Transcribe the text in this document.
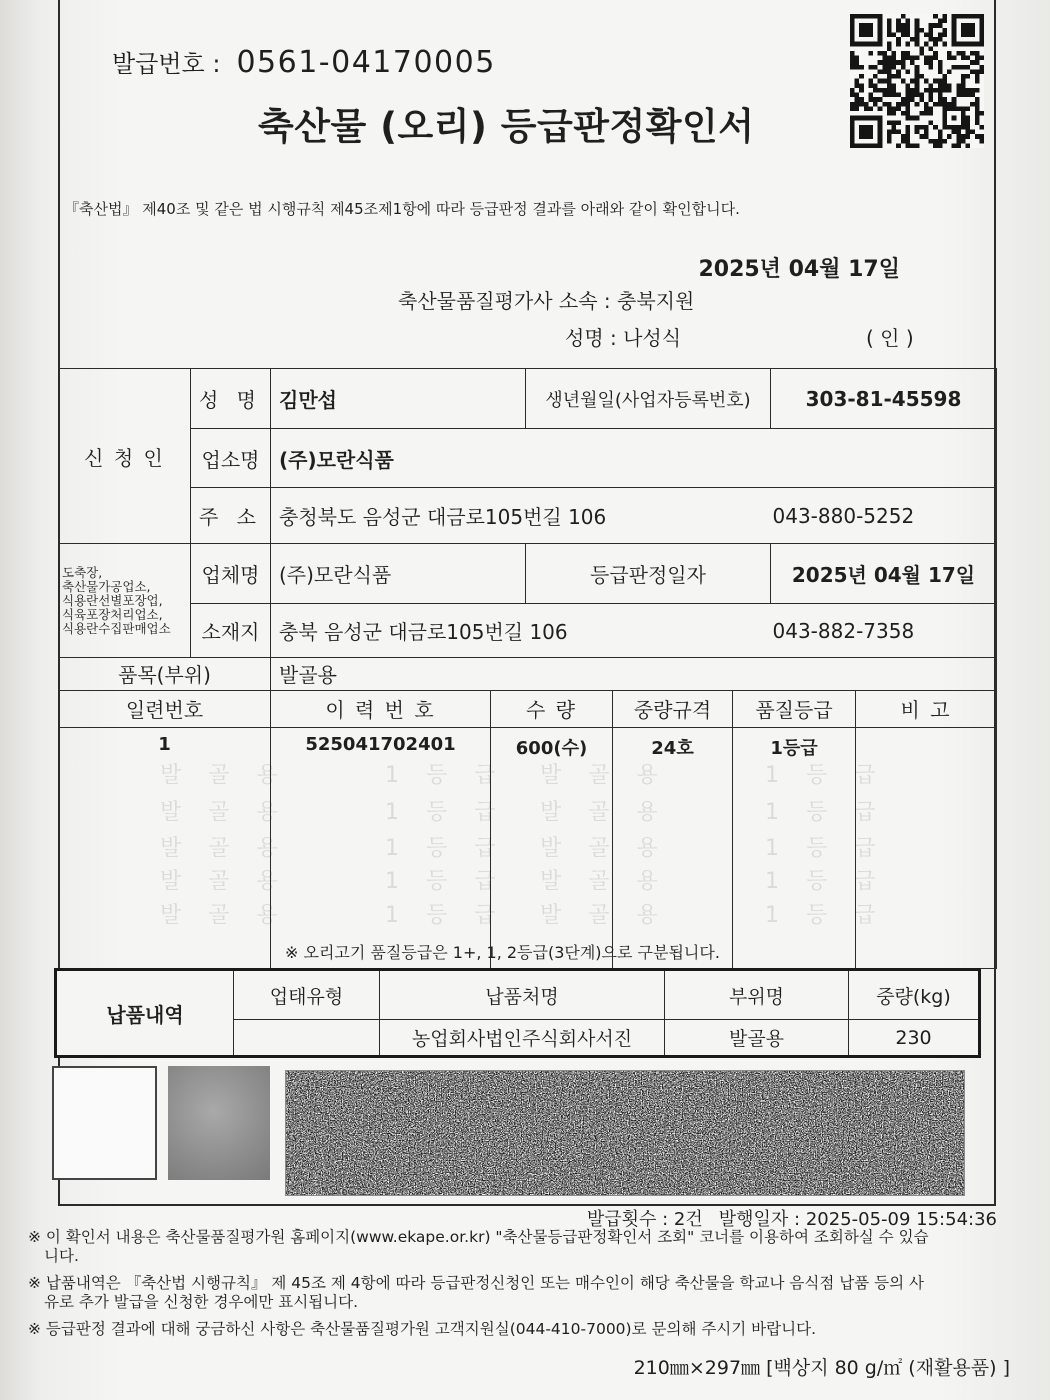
발급번호 : 0561-04170005
축산물 (오리) 등급판정확인서
『축산법』 제40조 및 같은 법 시행규칙 제45조제1항에 따라 등급판정 결과를 아래와 같이 확인합니다.
2025년 04월 17일
축산물품질평가사 소속 : 충북지원
성명 : 나성식	( 인 )
신 청 인	성 명	김만섭	생년월일(사업자등록번호)	303-81-45598
	업소명	(주)모란식품		
	주 소	충청북도 음성군 대금로105번길 106		043-880-5252

도축장,
축산물가공업소,
식용란선별포장업,
식육포장처리업소,
식용란수집판매업소	업체명	(주)모란식품	등급판정일자	2025년 04월 17일
	소재지	충북 음성군 대금로105번길 106		043-882-7358
발 골 용	1 등 급 발 골 용	1 등 급
발 골 용	1 등 급 발 골 용	1 등 급
발 골 용	1 등 급 발 골 용	1 등 급
발 골 용	1 등 급 발 골 용	1 등 급
발 골 용	1 등 급 발 골 용	1 등 급
품목(부위)	발골용				
일련번호	이 력 번 호	수 량	중량규격	품질등급	비 고
1	525041702401	600(수)	24호	1등급	
※ 오리고기 품질등급은 1+, 1, 2등급(3단계)으로 구분됩니다.
납품내역	업태유형	납품처명	부위명	중량(kg)
		농업회사법인주식회사서진	발골용	230
발급횟수 : 2건 발행일자 : 2025-05-09 15:54:36

※ 이 확인서 내용은 축산물품질평가원 홈페이지(www.ekape.or.kr) "축산물등급판정확인서 조회" 코너를 이용하여 조회하실 수 있습니다.

※ 납품내역은 『축산법 시행규칙』 제 45조 제 4항에 따라 등급판정신청인 또는 매수인이 해당 축산물을 학교나 음식점 납품 등의 사유로 추가 발급을 신청한 경우에만 표시됩니다.

※ 등급판정 결과에 대해 궁금하신 사항은 축산물품질평가원 고객지원실(044-410-7000)로 문의해 주시기 바랍니다.

210㎜×297㎜ [백상지 80 g/㎡ (재활용품) ]
